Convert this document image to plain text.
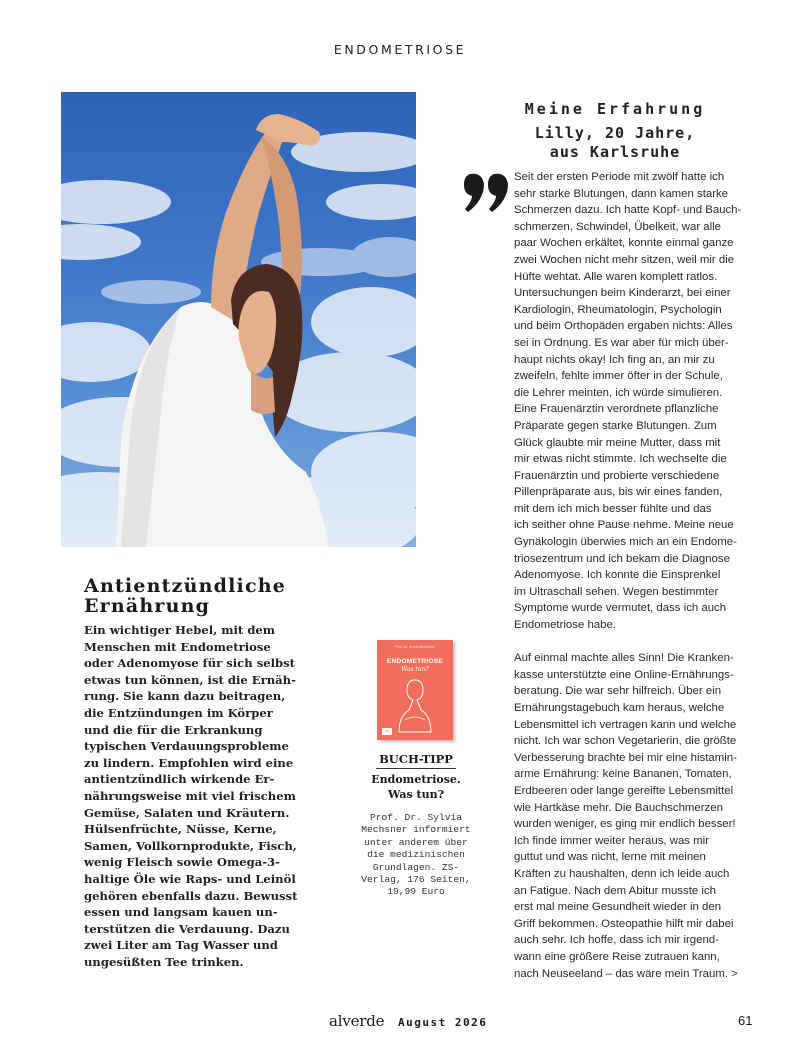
ENDOMETRIOSE
Meine Erfahrung
Lilly, 20 Jahre,
aus Karlsruhe

Seit der ersten Periode mit zwölf hatte ich
sehr starke Blutungen, dann kamen starke
Schmerzen dazu. Ich hatte Kopf- und Bauch-
schmerzen, Schwindel, Übelkeit, war alle
paar Wochen erkältet, konnte einmal ganze
zwei Wochen nicht mehr sitzen, weil mir die
Hüfte wehtat. Alle waren komplett ratlos.
Untersuchungen beim Kinderarzt, bei einer
Kardiologin, Rheumatologin, Psychologin
und beim Orthopäden ergaben nichts: Alles
sei in Ordnung. Es war aber für mich über-
haupt nichts okay! Ich fing an, an mir zu
zweifeln, fehlte immer öfter in der Schule,
die Lehrer meinten, ich würde simulieren.
Eine Frauenärztin verordnete pflanzliche
Präparate gegen starke Blutungen. Zum
Glück glaubte mir meine Mutter, dass mit
mir etwas nicht stimmte. Ich wechselte die
Frauenärztin und probierte verschiedene
Pillenpräparate aus, bis wir eines fanden,
mit dem ich mich besser fühlte und das
ich seither ohne Pause nehme. Meine neue
Gynäkologin überwies mich an ein Endome-
triosezentrum und ich bekam die Diagnose
Adenomyose. Ich konnte die Einsprenkel
im Ultraschall sehen. Wegen bestimmter
Symptome wurde vermutet, dass ich auch
Endometriose habe.

Auf einmal machte alles Sinn! Die Kranken-
kasse unterstützte eine Online-Ernährungs-
beratung. Die war sehr hilfreich. Über ein
Ernährungstagebuch kam heraus, welche
Lebensmittel ich vertragen kann und welche
nicht. Ich war schon Vegetarierin, die größte
Verbesserung brachte bei mir eine histamin-
arme Ernährung: keine Bananen, Tomaten,
Erdbeeren oder lange gereifte Lebensmittel
wie Hartkäse mehr. Die Bauchschmerzen
wurden weniger, es ging mir endlich besser!
Ich finde immer weiter heraus, was mir
guttut und was nicht, lerne mit meinen
Kräften zu haushalten, denn ich leide auch
an Fatigue. Nach dem Abitur musste ich
erst mal meine Gesundheit wieder in den
Griff bekommen. Osteopathie hilft mir dabei
auch sehr. Ich hoffe, dass ich mir irgend-
wann eine größere Reise zutrauen kann,
nach Neuseeland – das wäre mein Traum. >

Antientzündliche
Ernährung
Ein wichtiger Hebel, mit dem
Menschen mit Endometriose
oder Adenomyose für sich selbst
etwas tun können, ist die Ernäh-
rung. Sie kann dazu beitragen,
die Entzündungen im Körper
und die für die Erkrankung
typischen Verdauungsprobleme
zu lindern. Empfohlen wird eine
antientzündlich wirkende Er-
nährungsweise mit viel frischem
Gemüse, Salaten und Kräutern.
Hülsenfrüchte, Nüsse, Kerne,
Samen, Vollkornprodukte, Fisch,
wenig Fleisch sowie Omega-3-
haltige Öle wie Raps- und Leinöl
gehören ebenfalls dazu. Bewusst
essen und langsam kauen un-
terstützen die Verdauung. Dazu
zwei Liter am Tag Wasser und
ungesüßten Tee trinken.
Prof. Dr. Sylvia Mechsner
ENDOMETRIOSE
Was tun?
ZS
BUCH-TIPP
Endometriose.
Was tun?
Prof. Dr. Sylvia
Mechsner informiert
unter anderem über
die medizinischen
Grundlagen. ZS-
Verlag, 176 Seiten,
19,99 Euro
alverde August 2026	61
